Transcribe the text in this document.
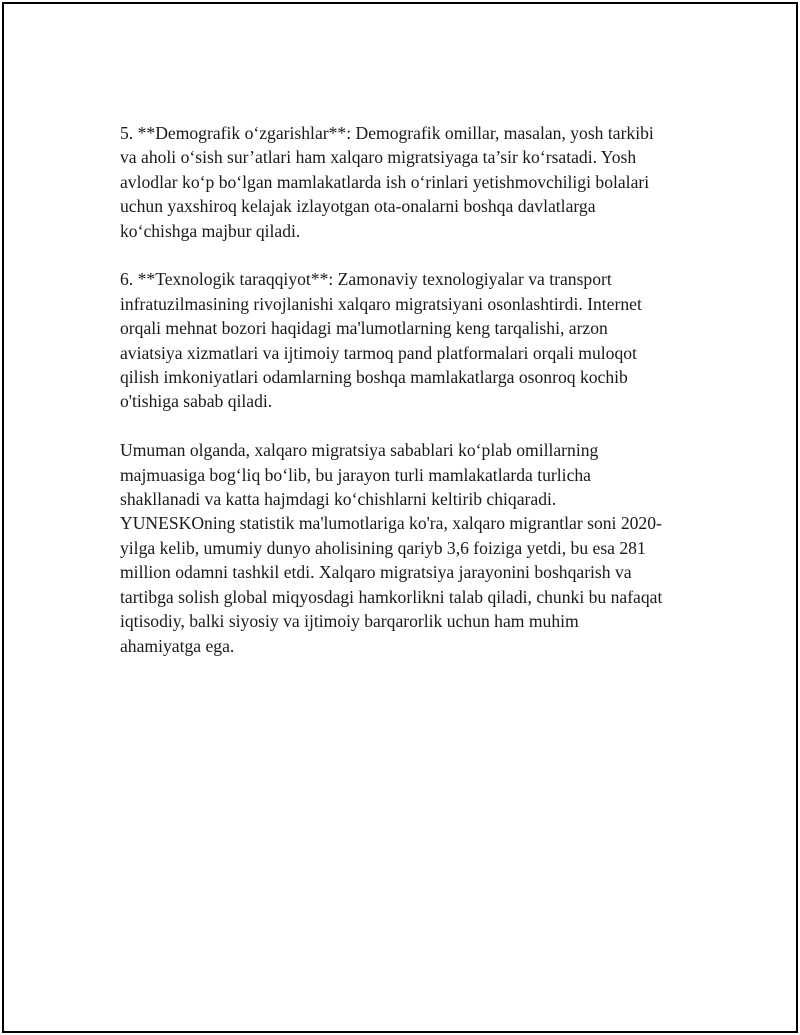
5. **Demografik o‘zgarishlar**: Demografik omillar, masalan, yosh tarkibi
va aholi o‘sish sur’atlari ham xalqaro migratsiyaga ta’sir ko‘rsatadi. Yosh
avlodlar ko‘p bo‘lgan mamlakatlarda ish o‘rinlari yetishmovchiligi bolalari
uchun yaxshiroq kelajak izlayotgan ota-onalarni boshqa davlatlarga
ko‘chishga majbur qiladi.

6. **Texnologik taraqqiyot**: Zamonaviy texnologiyalar va transport
infratuzilmasining rivojlanishi xalqaro migratsiyani osonlashtirdi. Internet
orqali mehnat bozori haqidagi ma'lumotlarning keng tarqalishi, arzon
aviatsiya xizmatlari va ijtimoiy tarmoq pand platformalari orqali muloqot
qilish imkoniyatlari odamlarning boshqa mamlakatlarga osonroq kochib
o'tishiga sabab qiladi.

Umuman olganda, xalqaro migratsiya sabablari ko‘plab omillarning
majmuasiga bog‘liq bo‘lib, bu jarayon turli mamlakatlarda turlicha
shakllanadi va katta hajmdagi ko‘chishlarni keltirib chiqaradi.
YUNESKOning statistik ma'lumotlariga ko'ra, xalqaro migrantlar soni 2020-
yilga kelib, umumiy dunyo aholisining qariyb 3,6 foiziga yetdi, bu esa 281
million odamni tashkil etdi. Xalqaro migratsiya jarayonini boshqarish va
tartibga solish global miqyosdagi hamkorlikni talab qiladi, chunki bu nafaqat
iqtisodiy, balki siyosiy va ijtimoiy barqarorlik uchun ham muhim
ahamiyatga ega.
